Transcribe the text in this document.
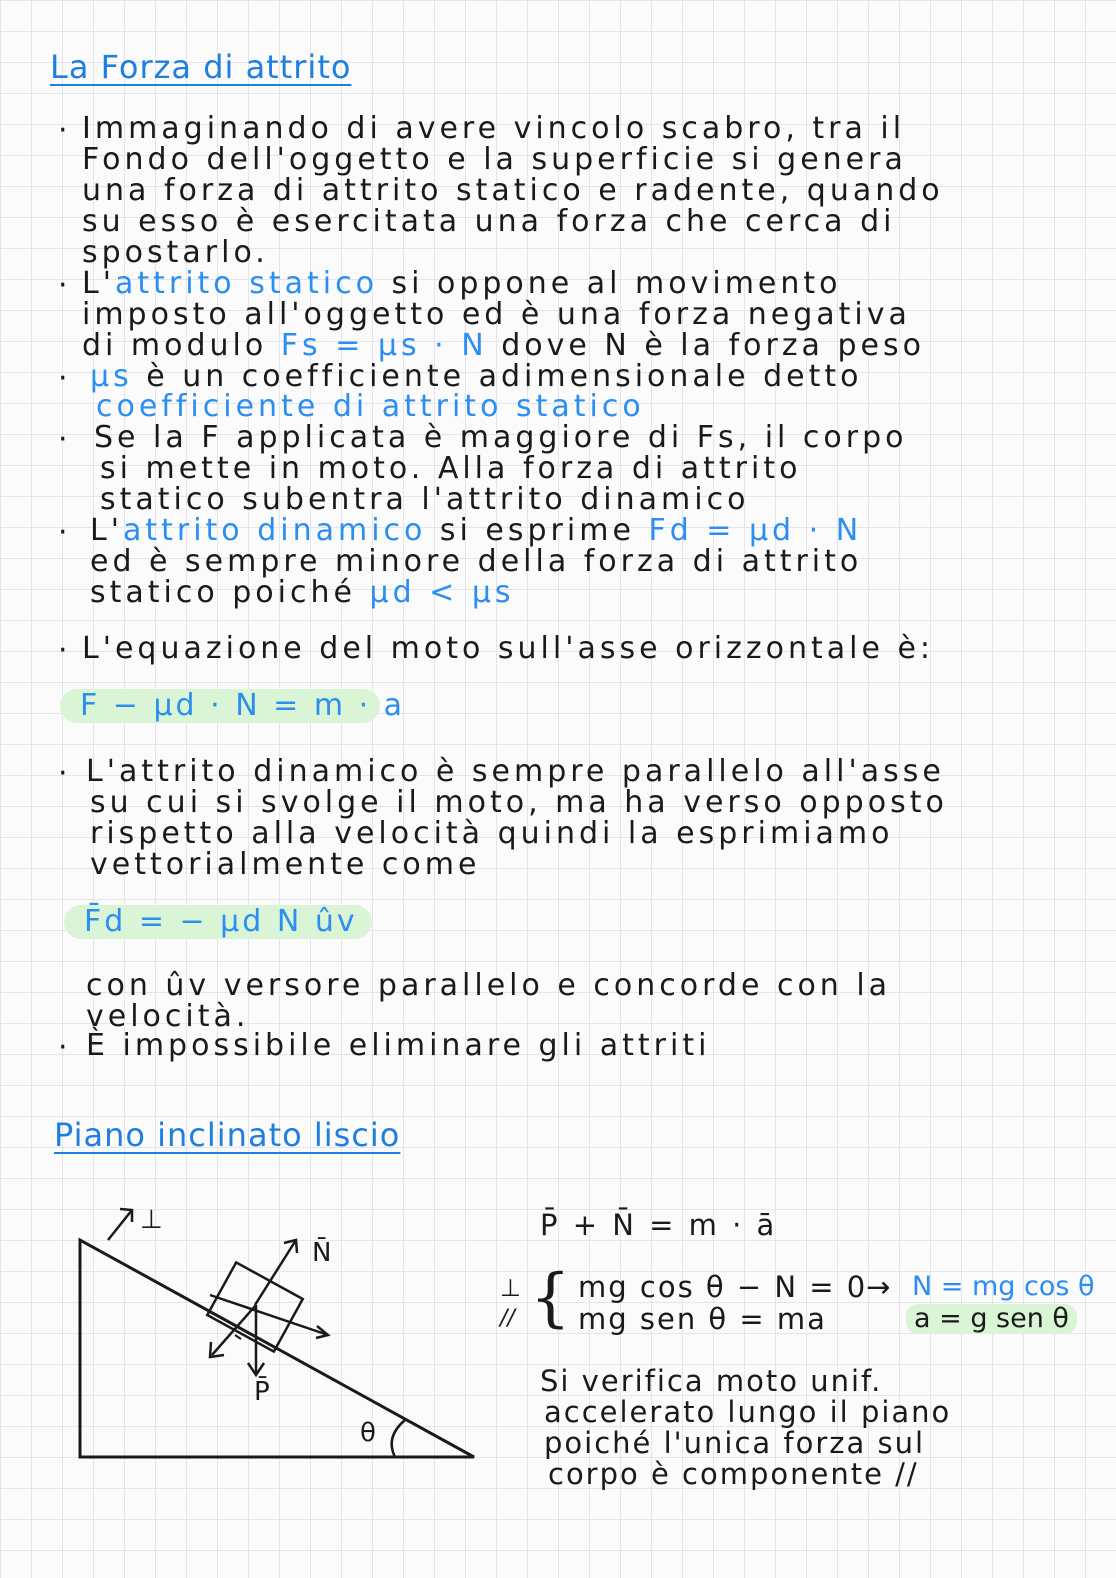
La Forza di attrito
· Immaginando di avere vincolo scabro, tra il
Fondo dell'oggetto e la superficie si genera
una forza di attrito statico e radente, quando
su esso è esercitata una forza che cerca di
spostarlo.
· L'attrito statico si oppone al movimento
imposto all'oggetto ed è una forza negativa
di modulo Fs = μs · N dove N è la forza peso
· μs è un coefficiente adimensionale detto
coefficiente di attrito statico
· Se la F applicata è maggiore di Fs, il corpo
si mette in moto. Alla forza di attrito
statico subentra l'attrito dinamico
· L'attrito dinamico si esprime Fd = μd · N
ed è sempre minore della forza di attrito
statico poiché μd < μs
· L'equazione del moto sull'asse orizzontale è:
F − μd · N = m · a
· L'attrito dinamico è sempre parallelo all'asse
su cui si svolge il moto, ma ha verso opposto
rispetto alla velocità quindi la esprimiamo
vettorialmente come
F̄d = − μd N ûv
con ûv versore parallelo e concorde con la
velocità.
· È impossibile eliminare gli attriti
Piano inclinato liscio
⊥
N̄
P̄
θ
P̄ + N̄ = m · ā
⊥
// { mg cos θ − N = 0
→ N = mg cos θ
mg sen θ = ma	a = g sen θ
Si verifica moto unif.
accelerato lungo il piano
poiché l'unica forza sul
corpo è componente //
